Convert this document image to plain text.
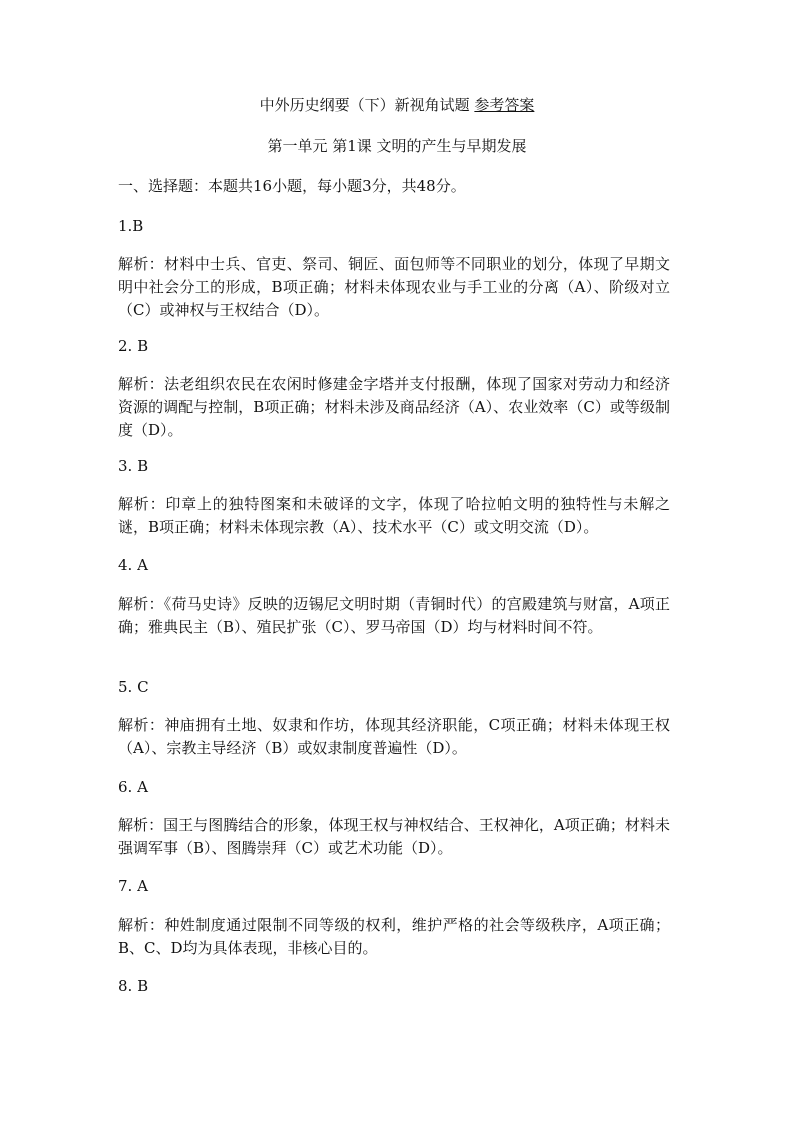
中外历史纲要（下）新视角试题 参考答案
第一单元 第1课 文明的产生与早期发展
一、选择题：本题共16小题，每小题3分，共48分。
1.B
解析：材料中士兵、官吏、祭司、铜匠、面包师等不同职业的划分，体现了早期文明中社会分工的形成，B项正确；材料未体现农业与手工业的分离（A）、阶级对立（C）或神权与王权结合（D）。
2. B
解析：法老组织农民在农闲时修建金字塔并支付报酬，体现了国家对劳动力和经济资源的调配与控制，B项正确；材料未涉及商品经济（A）、农业效率（C）或等级制度（D）。
3. B
解析：印章上的独特图案和未破译的文字，体现了哈拉帕文明的独特性与未解之谜，B项正确；材料未体现宗教（A）、技术水平（C）或文明交流（D）。
4. A
解析：《荷马史诗》反映的迈锡尼文明时期（青铜时代）的宫殿建筑与财富，A项正确；雅典民主（B）、殖民扩张（C）、罗马帝国（D）均与材料时间不符。
5. C
解析：神庙拥有土地、奴隶和作坊，体现其经济职能，C项正确；材料未体现王权（A）、宗教主导经济（B）或奴隶制度普遍性（D）。
6. A
解析：国王与图腾结合的形象，体现王权与神权结合、王权神化，A项正确；材料未强调军事（B）、图腾崇拜（C）或艺术功能（D）。
7. A
解析：种姓制度通过限制不同等级的权利，维护严格的社会等级秩序，A项正确；B、C、D均为具体表现，非核心目的。
8. B
